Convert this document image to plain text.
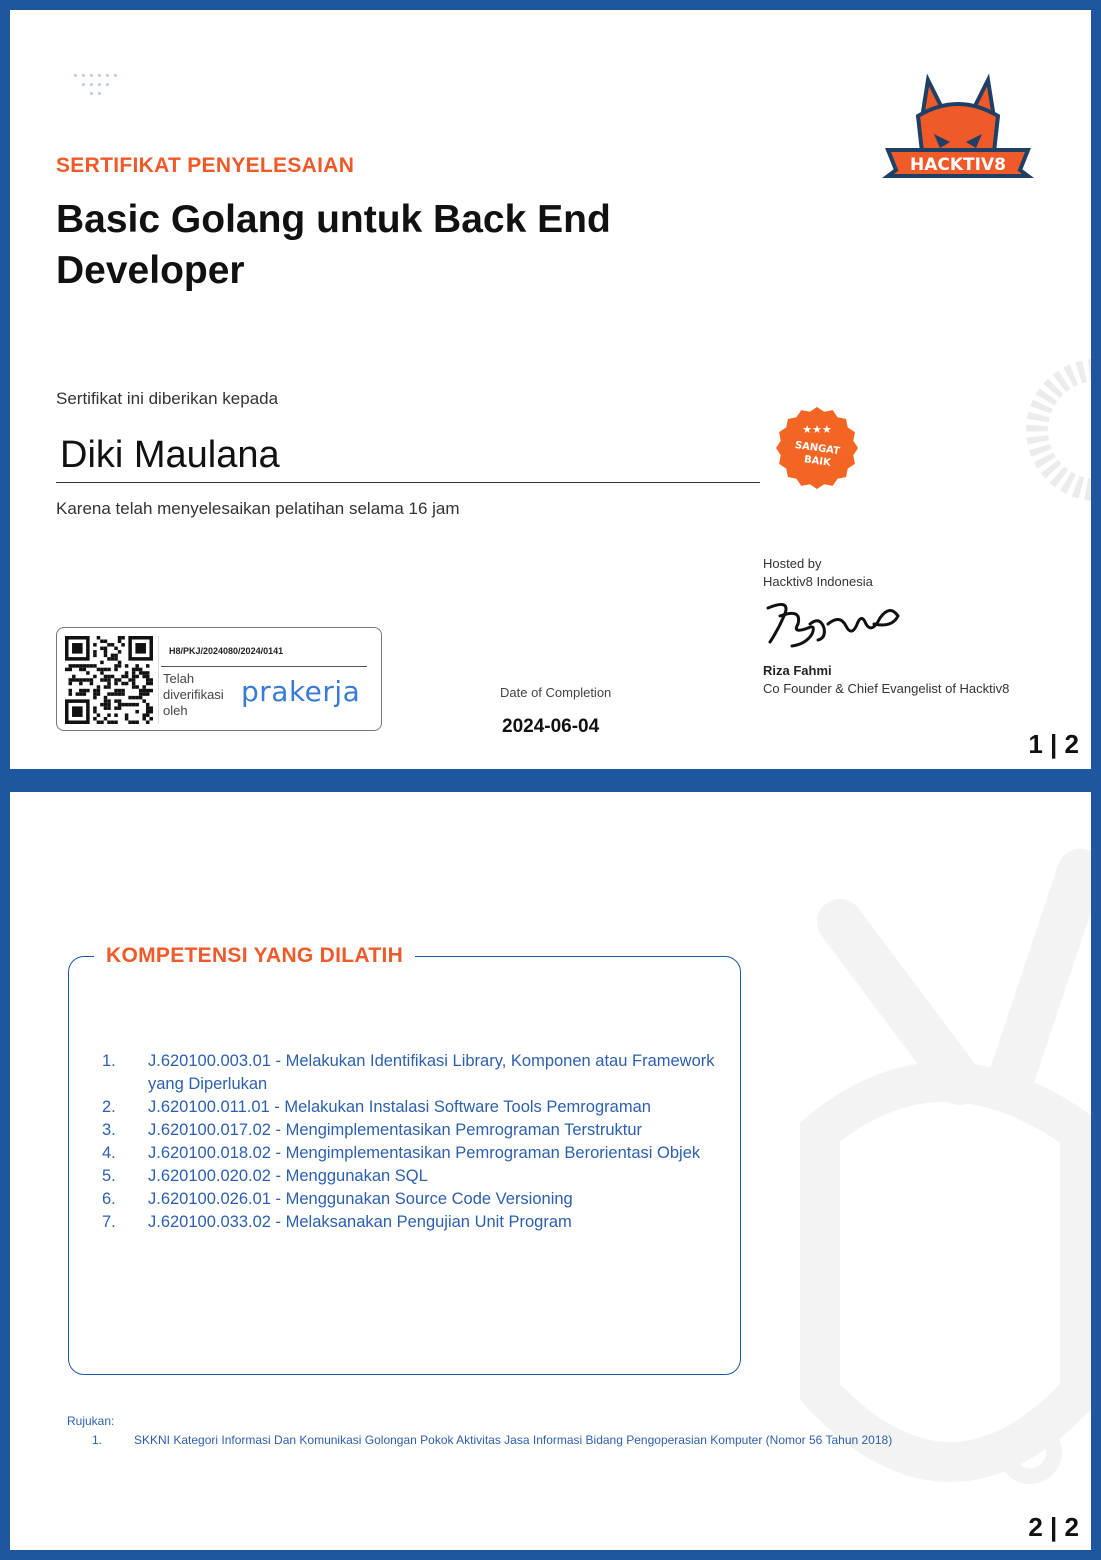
SERTIFIKAT PENYELESAIAN
Basic Golang untuk Back End Developer
HACKTIV8
Sertifikat ini diberikan kepada
Diki Maulana
Karena telah menyelesaikan pelatihan selama 16 jam
★★★
SANGAT
BAIK
Hosted by
Hacktiv8 Indonesia
Riza Fahmi
Co Founder & Chief Evangelist of Hacktiv8
H8/PKJ/2024080/2024/0141
Telah diverifikasi oleh
prakerja	Date of Completion
2024-06-04
1 | 2
KOMPETENSI YANG DILATIH
1.	J.620100.003.01 - Melakukan Identifikasi Library, Komponen atau Framework yang Diperlukan
2.	J.620100.011.01 - Melakukan Instalasi Software Tools Pemrograman
3.	J.620100.017.02 - Mengimplementasikan Pemrograman Terstruktur
4.	J.620100.018.02 - Mengimplementasikan Pemrograman Berorientasi Objek
5.	J.620100.020.02 - Menggunakan SQL
6.	J.620100.026.01 - Menggunakan Source Code Versioning
7.	J.620100.033.02 - Melaksanakan Pengujian Unit Program
Rujukan:
1.	SKKNI Kategori Informasi Dan Komunikasi Golongan Pokok Aktivitas Jasa Informasi Bidang Pengoperasian Komputer (Nomor 56 Tahun 2018)
2 | 2
